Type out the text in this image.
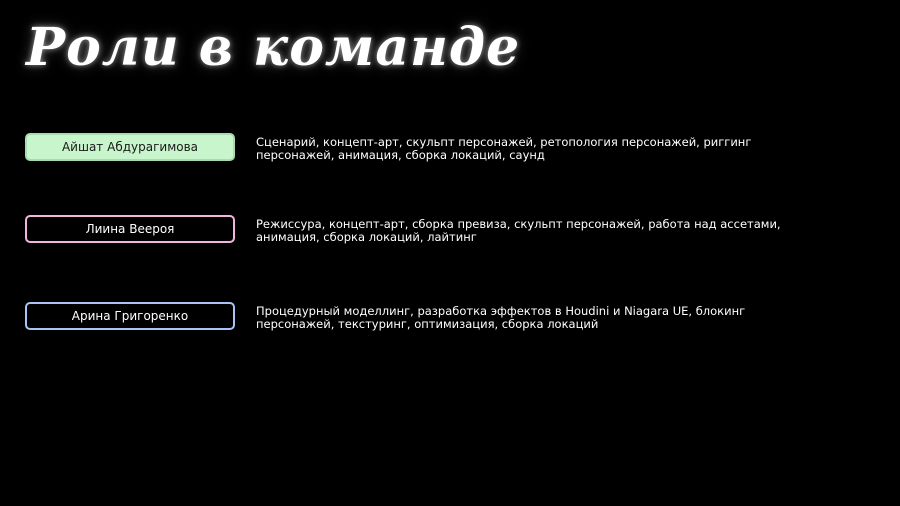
Роли в команде
Айшат Абдурагимова	Сценарий, концепт-арт, скульпт персонажей, ретопология персонажей, риггинг персонажей, анимация, сборка локаций, саунд
Лиина Веероя	Режиссура, концепт-арт, сборка превиза, скульпт персонажей, работа над ассетами, анимация, сборка локаций, лайтинг
Арина Григоренко	Процедурный моделлинг, разработка эффектов в Houdini и Niagara UE, блокинг персонажей, текстуринг, оптимизация, сборка локаций
